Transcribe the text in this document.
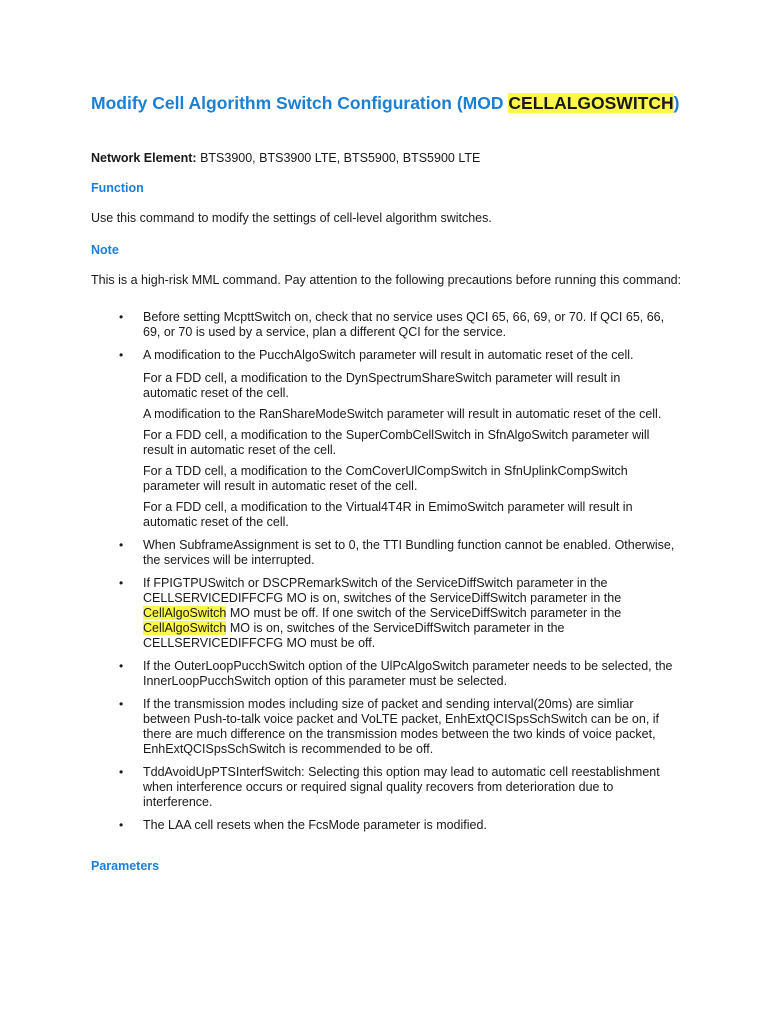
Modify Cell Algorithm Switch Configuration (MOD CELLALGOSWITCH)

Network Element: BTS3900, BTS3900 LTE, BTS5900, BTS5900 LTE

Function

Use this command to modify the settings of cell-level algorithm switches.

Note

This is a high-risk MML command. Pay attention to the following precautions before running this command:

• Before setting McpttSwitch on, check that no service uses QCI 65, 66, 69, or 70. If QCI 65, 66, 69, or 70 is used by a service, plan a different QCI for the service.
• A modification to the PucchAlgoSwitch parameter will result in automatic reset of the cell.

For a FDD cell, a modification to the DynSpectrumShareSwitch parameter will result in automatic reset of the cell.

A modification to the RanShareModeSwitch parameter will result in automatic reset of the cell.

For a FDD cell, a modification to the SuperCombCellSwitch in SfnAlgoSwitch parameter will result in automatic reset of the cell.

For a TDD cell, a modification to the ComCoverUlCompSwitch in SfnUplinkCompSwitch parameter will result in automatic reset of the cell.

For a FDD cell, a modification to the Virtual4T4R in EmimoSwitch parameter will result in automatic reset of the cell.

• When SubframeAssignment is set to 0, the TTI Bundling function cannot be enabled. Otherwise, the services will be interrupted.
• If FPIGTPUSwitch or DSCPRemarkSwitch of the ServiceDiffSwitch parameter in the CELLSERVICEDIFFCFG MO is on, switches of the ServiceDiffSwitch parameter in the CellAlgoSwitch MO must be off. If one switch of the ServiceDiffSwitch parameter in the CellAlgoSwitch MO is on, switches of the ServiceDiffSwitch parameter in the CELLSERVICEDIFFCFG MO must be off.
• If the OuterLoopPucchSwitch option of the UlPcAlgoSwitch parameter needs to be selected, the InnerLoopPucchSwitch option of this parameter must be selected.
• If the transmission modes including size of packet and sending interval(20ms) are simliar between Push-to-talk voice packet and VoLTE packet, EnhExtQCISpsSchSwitch can be on, if there are much difference on the transmission modes between the two kinds of voice packet, EnhExtQCISpsSchSwitch is recommended to be off.
• TddAvoidUpPTSInterfSwitch: Selecting this option may lead to automatic cell reestablishment when interference occurs or required signal quality recovers from deterioration due to interference.
• The LAA cell resets when the FcsMode parameter is modified.
Parameters
